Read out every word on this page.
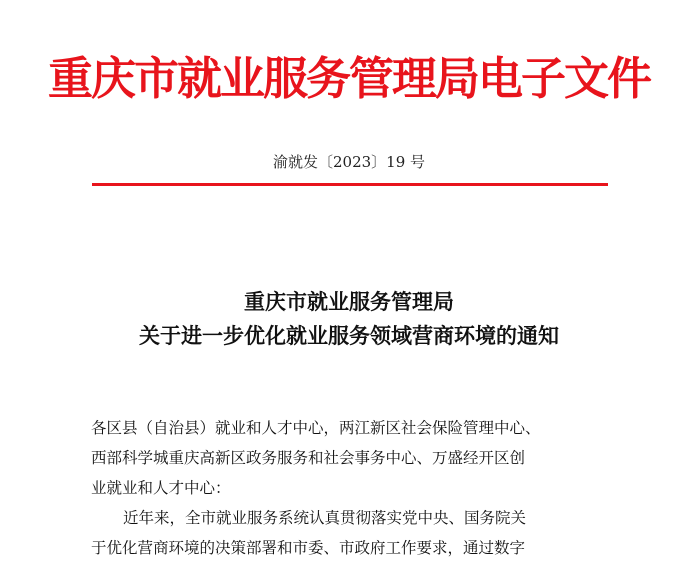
重庆市就业服务管理局电子文件
渝就发〔2023〕19 号
重庆市就业服务管理局
关于进一步优化就业服务领域营商环境的通知
各区县（自治县）就业和人才中心，两江新区社会保险管理中心、
西部科学城重庆高新区政务服务和社会事务中心、万盛经开区创
业就业和人才中心：
近年来，全市就业服务系统认真贯彻落实党中央、国务院关
于优化营商环境的决策部署和市委、市政府工作要求，通过数字
